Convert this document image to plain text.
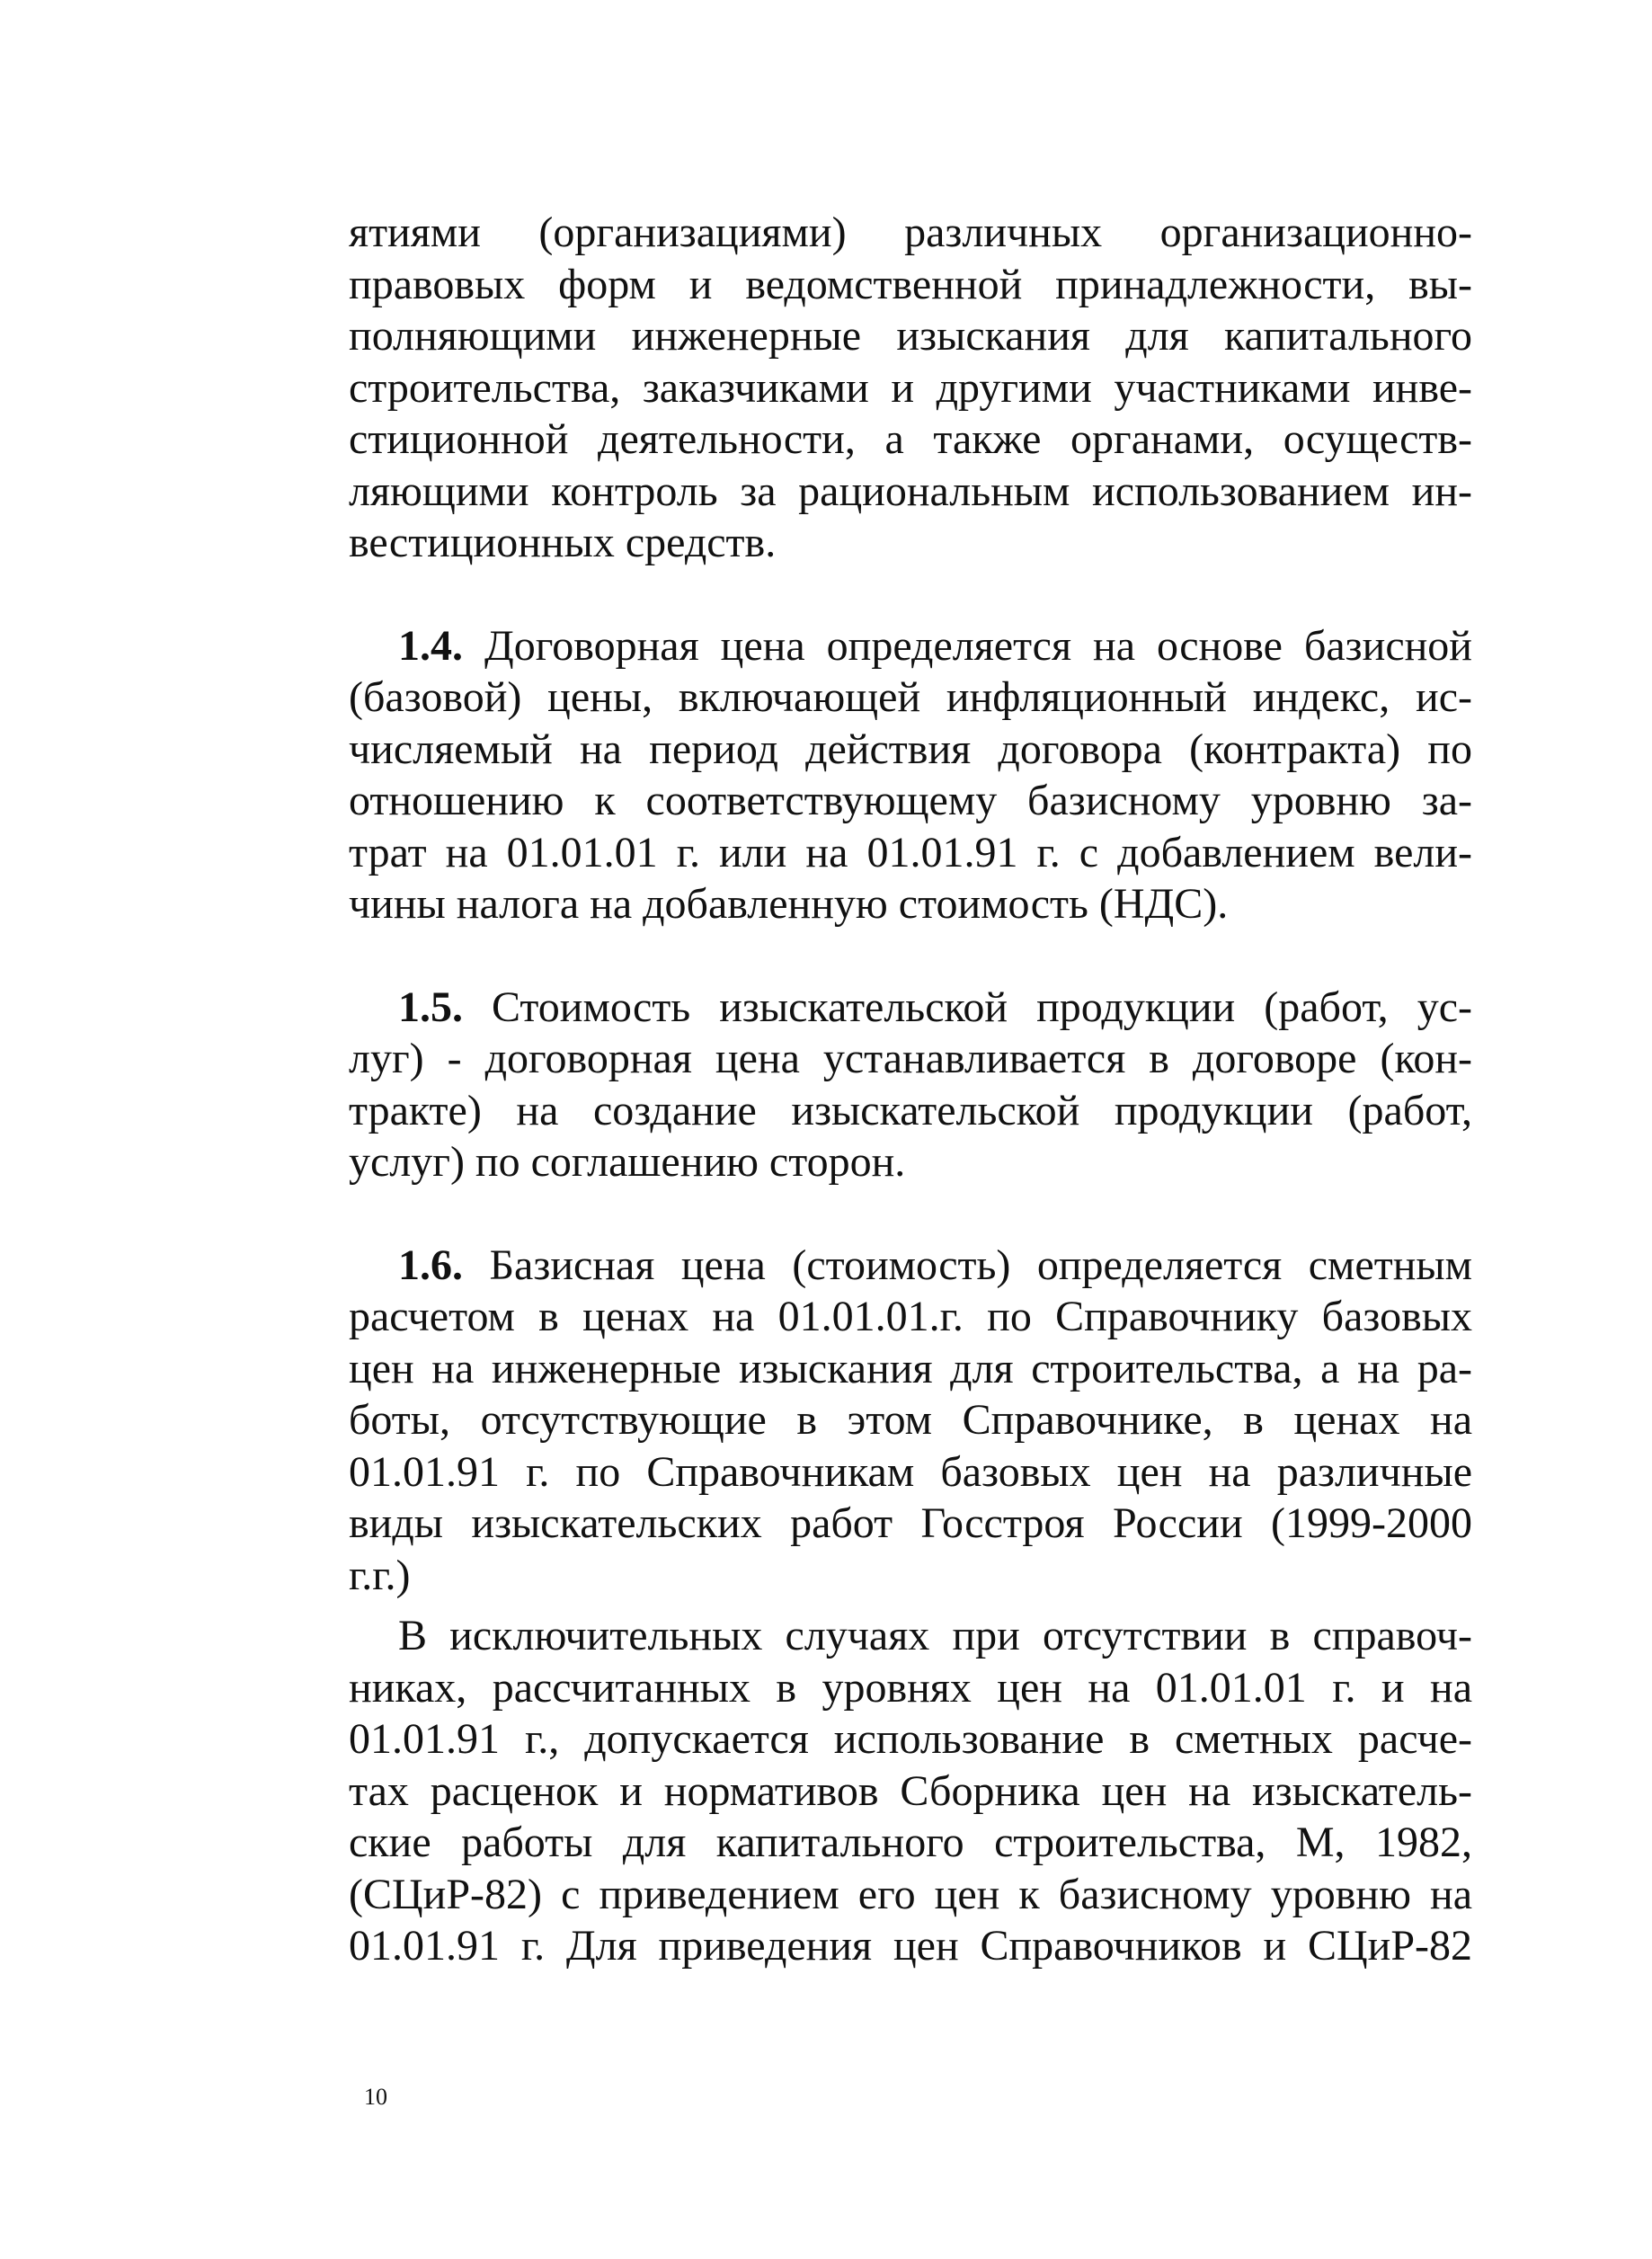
ятиями (организациями) различных организационно-
правовых форм и ведомственной принадлежности, вы-
полняющими инженерные изыскания для капитального
строительства, заказчиками и другими участниками инве-
стиционной деятельности, а также органами, осуществ-
ляющими контроль за рациональным использованием ин-
вестиционных средств.
1.4. Договорная цена определяется на основе базисной
(базовой) цены, включающей инфляционный индекс, ис-
числяемый на период действия договора (контракта) по
отношению к соответствующему базисному уровню за-
трат на 01.01.01 г. или на 01.01.91 г. с добавлением вели-
чины налога на добавленную стоимость (НДС).
1.5. Стоимость изыскательской продукции (работ, ус-
луг) - договорная цена устанавливается в договоре (кон-
тракте) на создание изыскательской продукции (работ,
услуг) по соглашению сторон.
1.6. Базисная цена (стоимость) определяется сметным
расчетом в ценах на 01.01.01.г. по Справочнику базовых
цен на инженерные изыскания для строительства, а на ра-
боты, отсутствующие в этом Справочнике, в ценах на
01.01.91 г. по Справочникам базовых цен на различные
виды изыскательских работ Госстроя России (1999-2000
г.г.)
В исключительных случаях при отсутствии в справоч-
никах, рассчитанных в уровнях цен на 01.01.01 г. и на
01.01.91 г., допускается использование в сметных расче-
тах расценок и нормативов Сборника цен на изыскатель-
ские работы для капитального строительства, М, 1982,
(СЦиР-82) с приведением его цен к базисному уровню на
01.01.91 г. Для приведения цен Справочников и СЦиР-82
10
